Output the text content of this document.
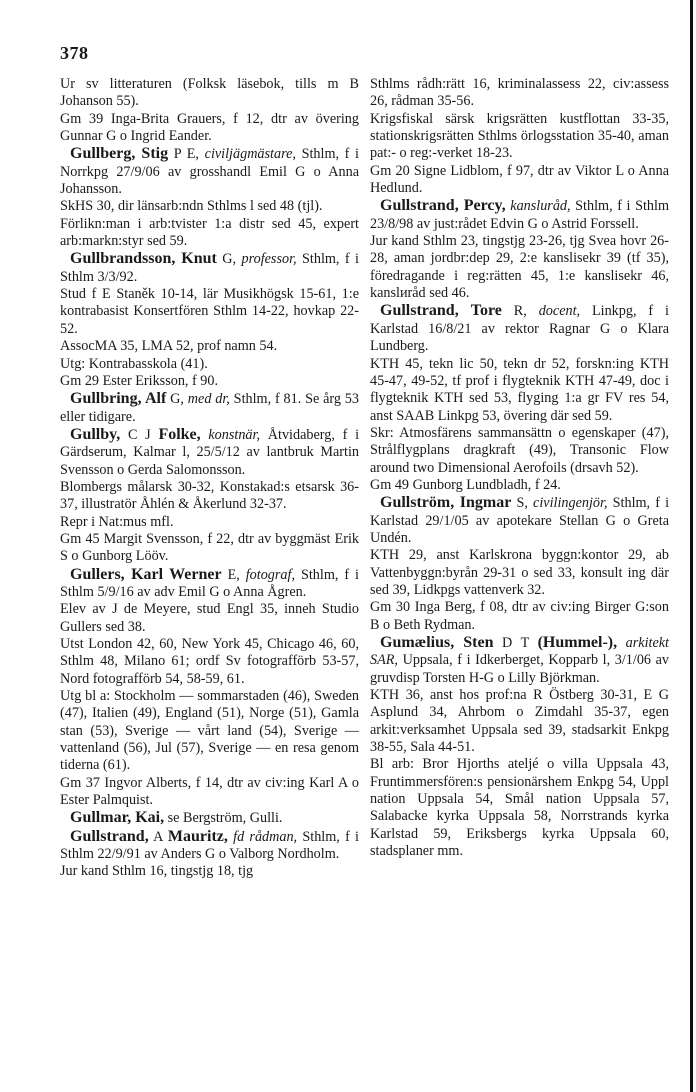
378

Ur sv litteraturen (Folksk läsebok, tills m B Johanson 55).

Gm 39 Inga-Brita Grauers, f 12, dtr av övering Gunnar G o Ingrid Eander.

Gullberg, Stig P E, civiljägmästare, Sthlm, f i Norrkpg 27/9/06 av grosshandl Emil G o Anna Johansson.

SkHS 30, dir länsarb:ndn Sthlms l sed 48 (tjl).

Förlikn:man i arb:tvister 1:a distr sed 45, expert arb:markn:styr sed 59.

Gullbrandsson, Knut G, professor, Sthlm, f i Sthlm 3/3/92.

Stud f E Staněk 10-14, lär Musikhögsk 15-61, 1:e kontrabasist Konsertfören Sthlm 14-22, hovkap 22-52.

AssocMA 35, LMA 52, prof namn 54.

Utg: Kontrabasskola (41).

Gm 29 Ester Eriksson, f 90.

Gullbring, Alf G, med dr, Sthlm, f 81. Se årg 53 eller tidigare.

Gullby, C J Folke, konstnär, Åtvidaberg, f i Gärdserum, Kalmar l, 25/5/12 av lantbruk Martin Svensson o Gerda Salomonsson.

Blombergs målarsk 30-32, Konstakad:s etsarsk 36-37, illustratör Åhlén & Åkerlund 32-37.

Repr i Nat:mus mfl.

Gm 45 Margit Svensson, f 22, dtr av byggmäst Erik S o Gunborg Lööv.

Gullers, Karl Werner E, fotograf, Sthlm, f i Sthlm 5/9/16 av adv Emil G o Anna Ågren.

Elev av J de Meyere, stud Engl 35, inneh Studio Gullers sed 38.

Utst London 42, 60, New York 45, Chicago 46, 60, Sthlm 48, Milano 61; ordf Sv fotografförb 53-57, Nord fotografförb 54, 58-59, 61.

Utg bl a: Stockholm — sommarstaden (46), Sweden (47), Italien (49), England (51), Norge (51), Gamla stan (53), Sverige — vårt land (54), Sverige — vattenland (56), Jul (57), Sverige — en resa genom tiderna (61).

Gm 37 Ingvor Alberts, f 14, dtr av civ:ing Karl A o Ester Palmquist.

Gullmar, Kai, se Bergström, Gulli.

Gullstrand, A Mauritz, fd rådman, Sthlm, f i Sthlm 22/9/91 av Anders G o Valborg Nordholm.

Jur kand Sthlm 16, tingstjg 18, tjg

Sthlms rådh:rätt 16, kriminalassess 22, civ:assess 26, rådman 35-56.

Krigsfiskal särsk krigsrätten kustflottan 33-35, stationskrigsrätten Sthlms örlogsstation 35-40, aman pat:- o reg:-verket 18-23.

Gm 20 Signe Lidblom, f 97, dtr av Viktor L o Anna Hedlund.

Gullstrand, Percy, kanslиråd, Sthlm, f i Sthlm 23/8/98 av just:rådet Edvin G o Astrid Forssell.

Jur kand Sthlm 23, tingstjg 23-26, tjg Svea hovr 26-28, aman jordbr:dep 29, 2:e kanslisekr 39 (tf 35), föredragande i reg:rätten 45, 1:e kanslisekr 46, kanslиråd sed 46.

Gullstrand, Tore R, docent, Linkpg, f i Karlstad 16/8/21 av rektor Ragnar G o Klara Lundberg.

KTH 45, tekn lic 50, tekn dr 52, forskn:ing KTH 45-47, 49-52, tf prof i flygteknik KTH 47-49, doc i flygteknik KTH sed 53, flyging 1:a gr FV res 54, anst SAAB Linkpg 53, övering där sed 59.

Skr: Atmosfärens sammansättn o egenskaper (47), Strålflygplans dragkraft (49), Transonic Flow around two Dimensional Aerofoils (drsavh 52).

Gm 49 Gunborg Lundbladh, f 24.

Gullström, Ingmar S, civilingenjör, Sthlm, f i Karlstad 29/1/05 av apotekare Stellan G o Greta Undén.

KTH 29, anst Karlskrona byggn:kontor 29, ab Vattenbyggn:byrån 29-31 o sed 33, konsult ing där sed 39, Lidkpgs vattenverk 32.

Gm 30 Inga Berg, f 08, dtr av civ:ing Birger G:son B o Beth Rydman.

Gumælius, Sten D T (Hummel-), arkitekt SAR, Uppsala, f i Idkerberget, Kopparb l, 3/1/06 av gruvdisp Torsten H-G o Lilly Björkman.

KTH 36, anst hos prof:na R Östberg 30-31, E G Asplund 34, Ahrbom o Zimdahl 35-37, egen arkit:verksamhet Uppsala sed 39, stadsarkit Enkpg 38-55, Sala 44-51.

Bl arb: Bror Hjorths ateljé o villa Uppsala 43, Fruntimmersfören:s pensionärshem Enkpg 54, Uppl nation Uppsala 54, Smål nation Uppsala 57, Salabacke kyrka Uppsala 58, Norrstrands kyrka Karlstad 59, Eriksbergs kyrka Uppsala 60, stadsplaner mm.
